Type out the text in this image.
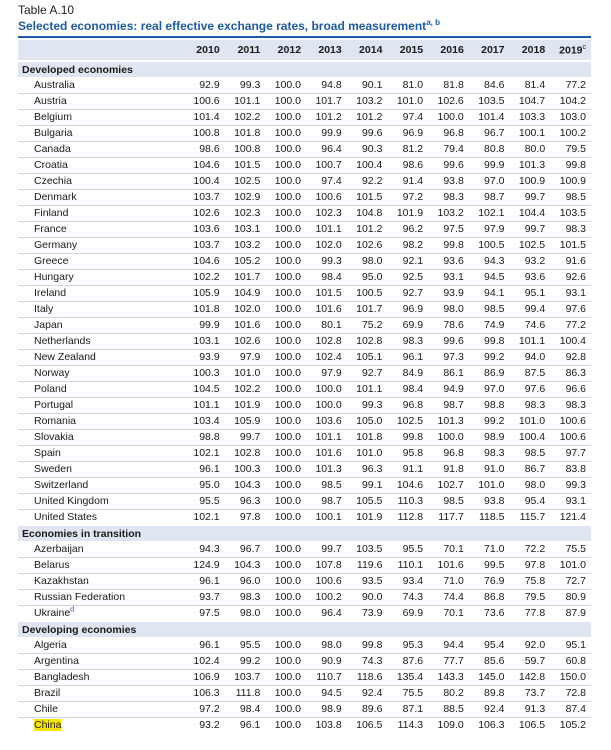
Table A.10
Selected economies: real effective exchange rates, broad measurement$^{a, b}$
	2010	2011	2012	2013	2014	2015	2016	2017	2018	2019$^c$
Developed economies										
Australia	92.9	99.3	100.0	94.8	90.1	81.0	81.8	84.6	81.4	77.2
Austria	100.6	101.1	100.0	101.7	103.2	101.0	102.6	103.5	104.7	104.2
Belgium	101.4	102.2	100.0	101.2	101.2	97.4	100.0	101.4	103.3	103.0
Bulgaria	100.8	101.8	100.0	99.9	99.6	96.9	96.8	96.7	100.1	100.2
Canada	98.6	100.8	100.0	96.4	90.3	81.2	79.4	80.8	80.0	79.5
Croatia	104.6	101.5	100.0	100.7	100.4	98.6	99.6	99.9	101.3	99.8
Czechia	100.4	102.5	100.0	97.4	92.2	91.4	93.8	97.0	100.9	100.9
Denmark	103.7	102.9	100.0	100.6	101.5	97.2	98.3	98.7	99.7	98.5
Finland	102.6	102.3	100.0	102.3	104.8	101.9	103.2	102.1	104.4	103.5
France	103.6	103.1	100.0	101.1	101.2	96.2	97.5	97.9	99.7	98.3
Germany	103.7	103.2	100.0	102.0	102.6	98.2	99.8	100.5	102.5	101.5
Greece	104.6	105.2	100.0	99.3	98.0	92.1	93.6	94.3	93.2	91.6
Hungary	102.2	101.7	100.0	98.4	95.0	92.5	93.1	94.5	93.6	92.6
Ireland	105.9	104.9	100.0	101.5	100.5	92.7	93.9	94.1	95.1	93.1
Italy	101.8	102.0	100.0	101.6	101.7	96.9	98.0	98.5	99.4	97.6
Japan	99.9	101.6	100.0	80.1	75.2	69.9	78.6	74.9	74.6	77.2
Netherlands	103.1	102.6	100.0	102.8	102.8	98.3	99.6	99.8	101.1	100.4
New Zealand	93.9	97.9	100.0	102.4	105.1	96.1	97.3	99.2	94.0	92.8
Norway	100.3	101.0	100.0	97.9	92.7	84.9	86.1	86.9	87.5	86.3
Poland	104.5	102.2	100.0	100.0	101.1	98.4	94.9	97.0	97.6	96.6
Portugal	101.1	101.9	100.0	100.0	99.3	96.8	98.7	98.8	98.3	98.3
Romania	103.4	105.9	100.0	103.6	105.0	102.5	101.3	99.2	101.0	100.6
Slovakia	98.8	99.7	100.0	101.1	101.8	99.8	100.0	98.9	100.4	100.6
Spain	102.1	102.8	100.0	101.6	101.0	95.8	96.8	98.3	98.5	97.7
Sweden	96.1	100.3	100.0	101.3	96.3	91.1	91.8	91.0	86.7	83.8
Switzerland	95.0	104.3	100.0	98.5	99.1	104.6	102.7	101.0	98.0	99.3
United Kingdom	95.5	96.3	100.0	98.7	105.5	110.3	98.5	93.8	95.4	93.1
United States	102.1	97.8	100.0	100.1	101.9	112.8	117.7	118.5	115.7	121.4
Economies in transition										
Azerbaijan	94.3	96.7	100.0	99.7	103.5	95.5	70.1	71.0	72.2	75.5
Belarus	124.9	104.3	100.0	107.8	119.6	110.1	101.6	99.5	97.8	101.0
Kazakhstan	96.1	96.0	100.0	100.6	93.5	93.4	71.0	76.9	75.8	72.7
Russian Federation	93.7	98.3	100.0	100.2	90.0	74.3	74.4	86.8	79.5	80.9
Ukraine$^d$	97.5	98.0	100.0	96.4	73.9	69.9	70.1	73.6	77.8	87.9
Developing economies										
Algeria	96.1	95.5	100.0	98.0	99.8	95.3	94.4	95.4	92.0	95.1
Argentina	102.4	99.2	100.0	90.9	74.3	87.6	77.7	85.6	59.7	60.8
Bangladesh	106.9	103.7	100.0	110.7	118.6	135.4	143.3	145.0	142.8	150.0
Brazil	106.3	111.8	100.0	94.5	92.4	75.5	80.2	89.8	73.7	72.8
Chile	97.2	98.4	100.0	98.9	89.6	87.1	88.5	92.4	91.3	87.4
China	93.2	96.1	100.0	103.8	106.5	114.3	109.0	106.3	106.5	105.2
